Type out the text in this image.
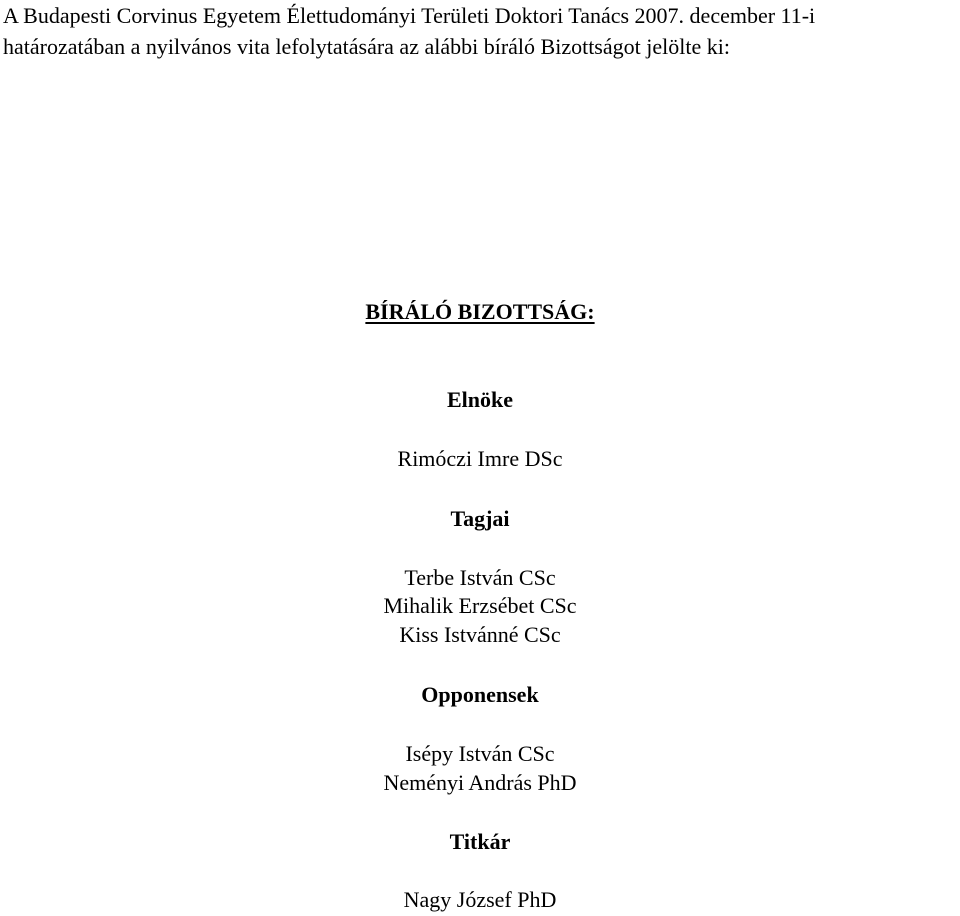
A Budapesti Corvinus Egyetem Élettudományi Területi Doktori Tanács 2007. december 11-i
határozatában a nyilvános vita lefolytatására az alábbi bíráló Bizottságot jelölte ki:
BÍRÁLÓ BIZOTTSÁG:
Elnöke
Rimóczi Imre DSc
Tagjai
Terbe István CSc
Mihalik Erzsébet CSc
Kiss Istvánné CSc
Opponensek
Isépy István CSc
Neményi András PhD
Titkár
Nagy József PhD
